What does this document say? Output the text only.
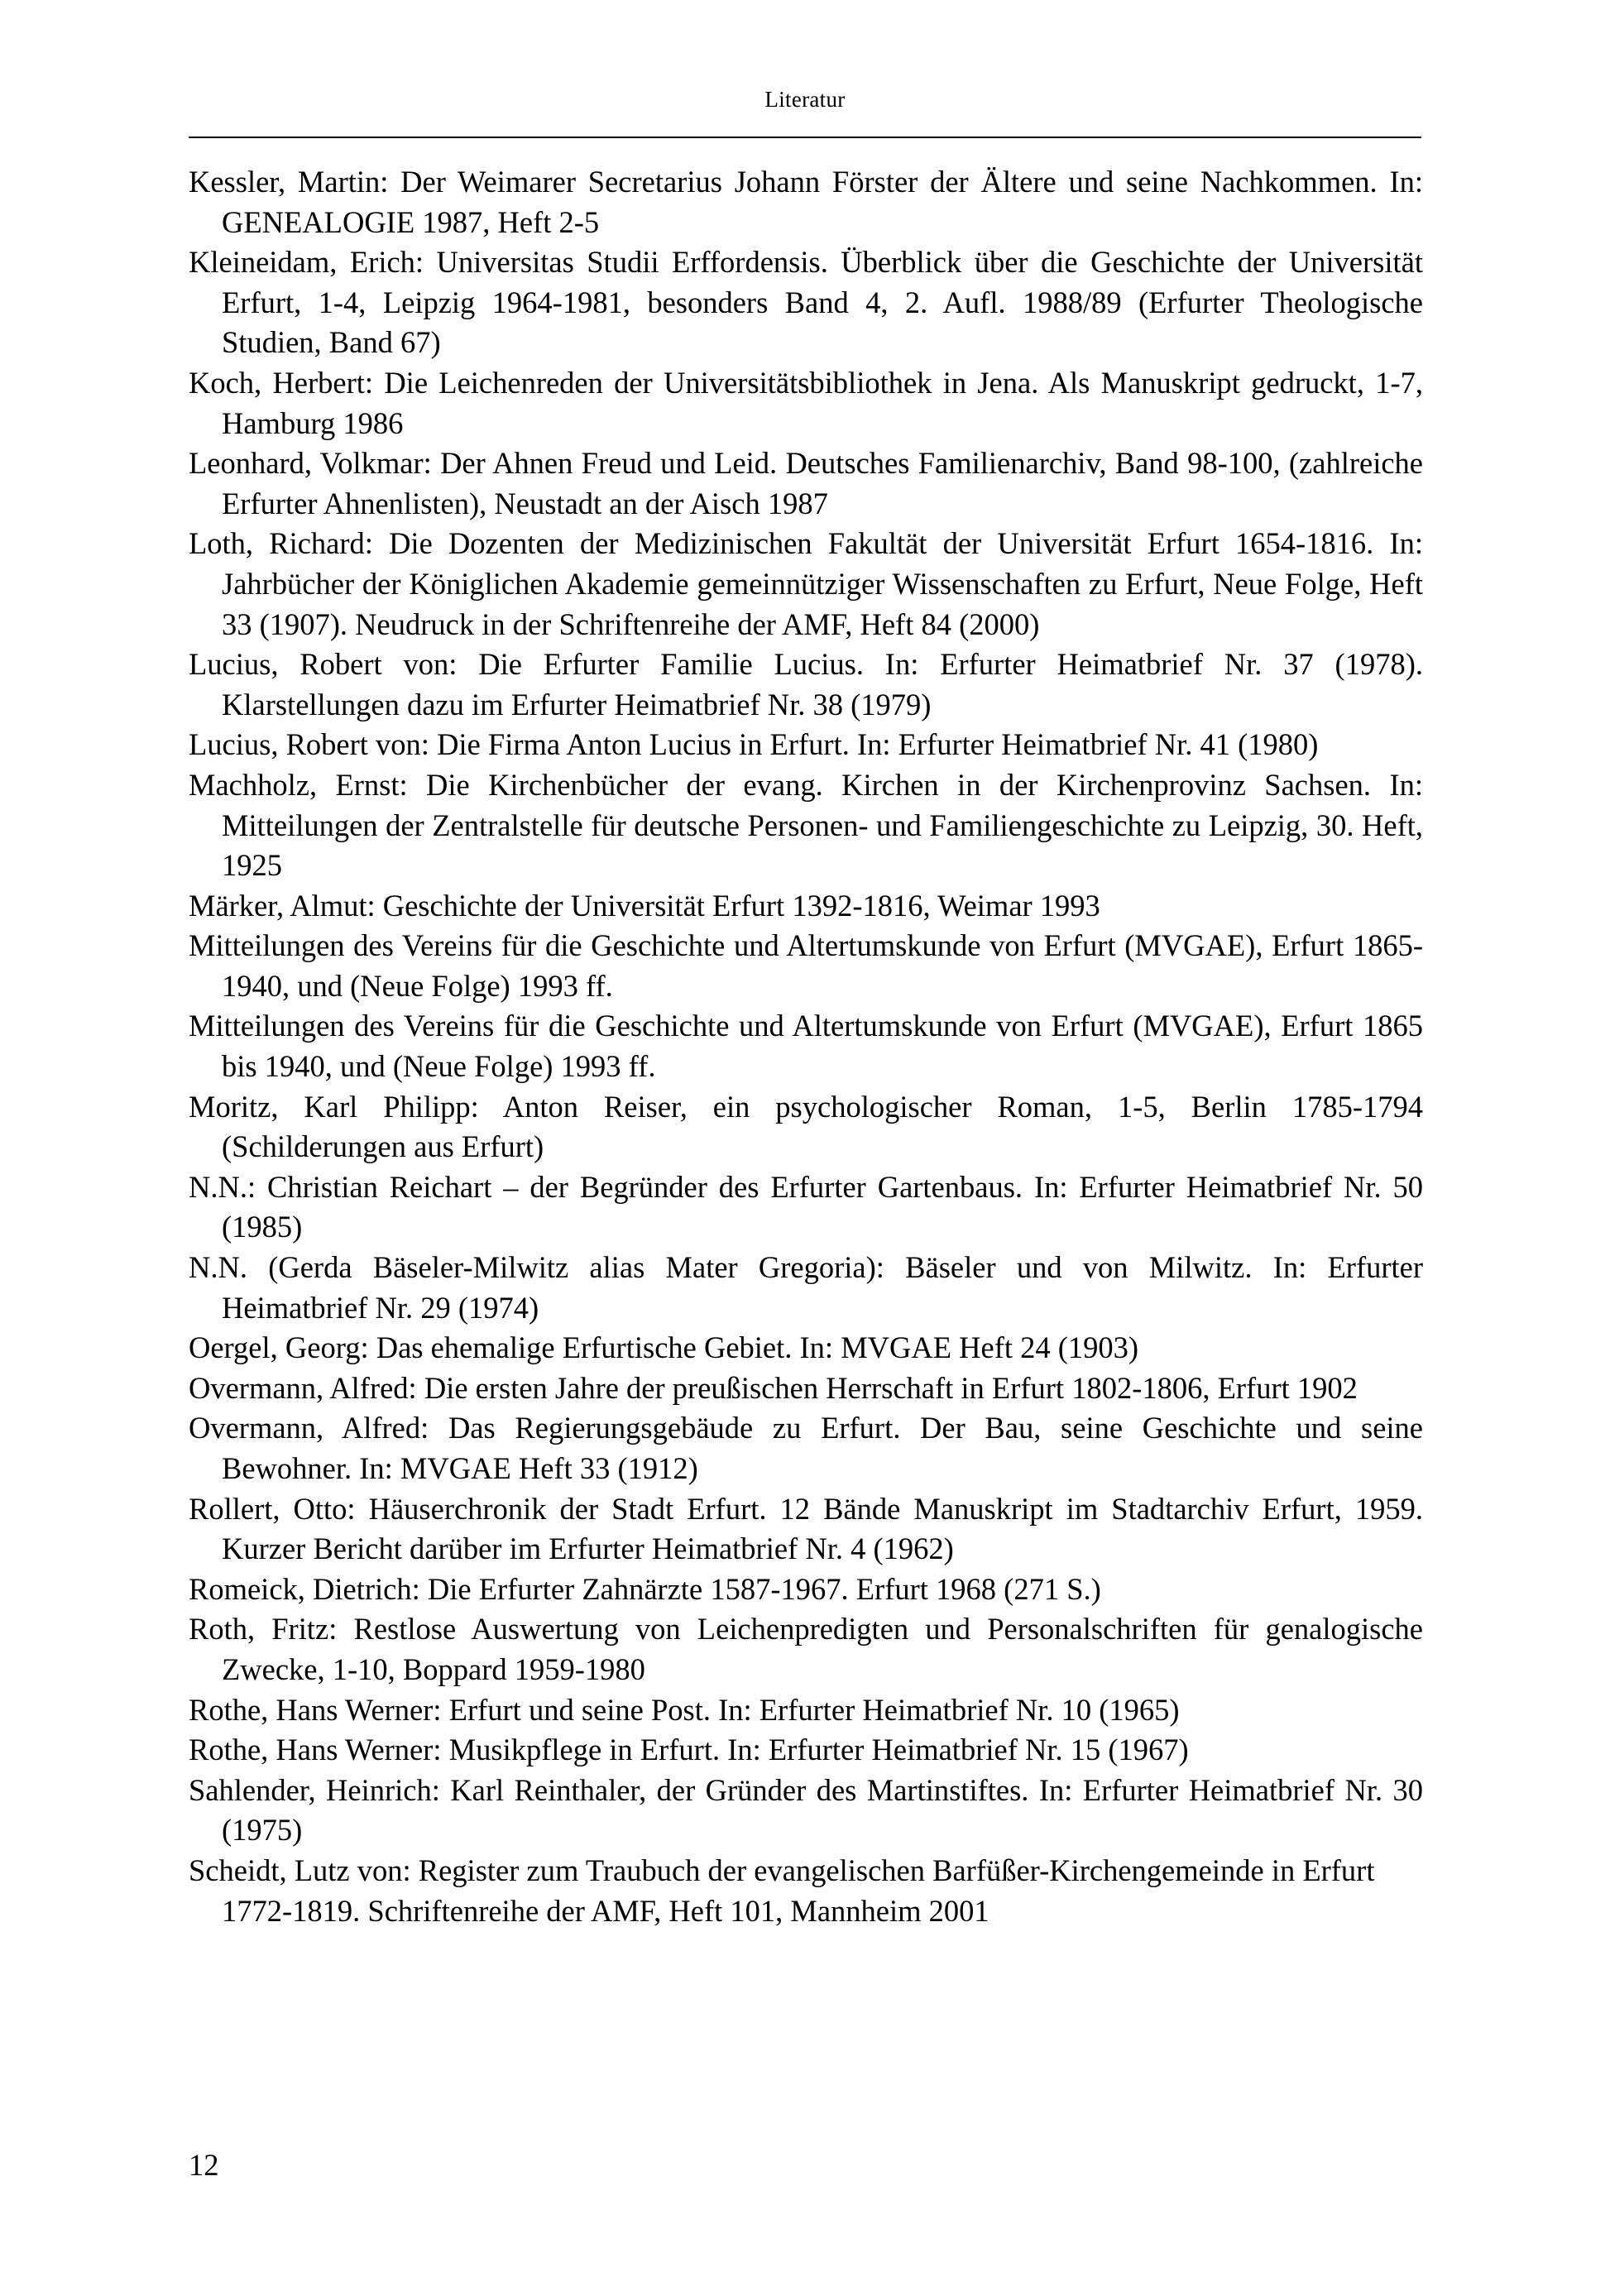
Literatur

Kessler, Martin: Der Weimarer Secretarius Johann Förster der Ältere und seine Nachkommen. In: GENEALOGIE 1987, Heft 2-5

Kleineidam, Erich: Universitas Studii Erffordensis. Überblick über die Geschichte der Universität Erfurt, 1-4, Leipzig 1964-1981, besonders Band 4, 2. Aufl. 1988/89 (Erfurter Theologische Studien, Band 67)

Koch, Herbert: Die Leichenreden der Universitätsbibliothek in Jena. Als Manuskript gedruckt, 1-7, Hamburg 1986

Leonhard, Volkmar: Der Ahnen Freud und Leid. Deutsches Familienarchiv, Band 98-100, (zahlreiche Erfurter Ahnenlisten), Neustadt an der Aisch 1987

Loth, Richard: Die Dozenten der Medizinischen Fakultät der Universität Erfurt 1654-1816. In: Jahrbücher der Königlichen Akademie gemeinnütziger Wissenschaften zu Erfurt, Neue Folge, Heft 33 (1907). Neudruck in der Schriftenreihe der AMF, Heft 84 (2000)

Lucius, Robert von: Die Erfurter Familie Lucius. In: Erfurter Heimatbrief Nr. 37 (1978). Klarstellungen dazu im Erfurter Heimatbrief Nr. 38 (1979)

Lucius, Robert von: Die Firma Anton Lucius in Erfurt. In: Erfurter Heimatbrief Nr. 41 (1980)

Machholz, Ernst: Die Kirchenbücher der evang. Kirchen in der Kirchenprovinz Sachsen. In: Mitteilungen der Zentralstelle für deutsche Personen- und Familiengeschichte zu Leipzig, 30. Heft, 1925

Märker, Almut: Geschichte der Universität Erfurt 1392-1816, Weimar 1993

Mitteilungen des Vereins für die Geschichte und Altertumskunde von Erfurt (MVGAE), Erfurt 1865-1940, und (Neue Folge) 1993 ff.

Mitteilungen des Vereins für die Geschichte und Altertumskunde von Erfurt (MVGAE), Erfurt 1865 bis 1940, und (Neue Folge) 1993 ff.

Moritz, Karl Philipp: Anton Reiser, ein psychologischer Roman, 1-5, Berlin 1785-1794 (Schilderungen aus Erfurt)

N.N.: Christian Reichart – der Begründer des Erfurter Gartenbaus. In: Erfurter Heimatbrief Nr. 50 (1985)

N.N. (Gerda Bäseler-Milwitz alias Mater Gregoria): Bäseler und von Milwitz. In: Erfurter Heimatbrief Nr. 29 (1974)

Oergel, Georg: Das ehemalige Erfurtische Gebiet. In: MVGAE Heft 24 (1903)

Overmann, Alfred: Die ersten Jahre der preußischen Herrschaft in Erfurt 1802-1806, Erfurt 1902

Overmann, Alfred: Das Regierungsgebäude zu Erfurt. Der Bau, seine Geschichte und seine Bewohner. In: MVGAE Heft 33 (1912)

Rollert, Otto: Häuserchronik der Stadt Erfurt. 12 Bände Manuskript im Stadtarchiv Erfurt, 1959. Kurzer Bericht darüber im Erfurter Heimatbrief Nr. 4 (1962)

Romeick, Dietrich: Die Erfurter Zahnärzte 1587-1967. Erfurt 1968 (271 S.)

Roth, Fritz: Restlose Auswertung von Leichenpredigten und Personalschriften für genalogische Zwecke, 1-10, Boppard 1959-1980

Rothe, Hans Werner: Erfurt und seine Post. In: Erfurter Heimatbrief Nr. 10 (1965)

Rothe, Hans Werner: Musikpflege in Erfurt. In: Erfurter Heimatbrief Nr. 15 (1967)

Sahlender, Heinrich: Karl Reinthaler, der Gründer des Martinstiftes. In: Erfurter Heimatbrief Nr. 30 (1975)

Scheidt, Lutz von: Register zum Traubuch der evangelischen Barfüßer-Kirchengemeinde in Erfurt 1772-1819. Schriftenreihe der AMF, Heft 101, Mannheim 2001

12
